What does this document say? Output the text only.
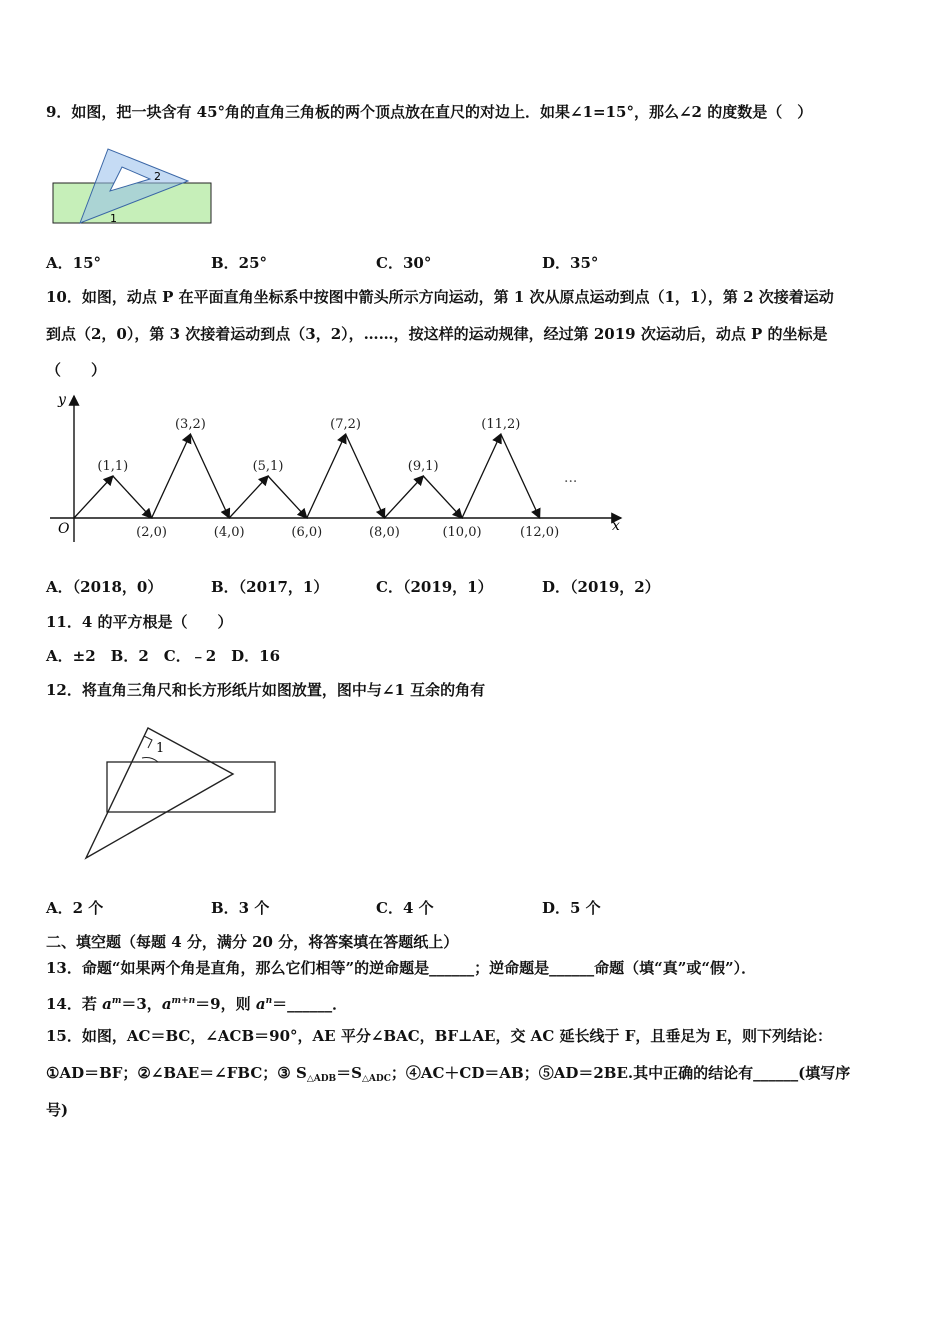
9．如图，把一块含有 45°角的直角三角板的两个顶点放在直尺的对边上．如果∠1=15°，那么∠2 的度数是（　）
1
2
A．15°	B．25°	C．30°	D．35°
10．如图，动点 P 在平面直角坐标系中按图中箭头所示方向运动，第 1 次从原点运动到点（1，1），第 2 次接着运动
到点（2，0），第 3 次接着运动到点（3，2），……，按这样的运动规律，经过第 2019 次运动后，动点 P 的坐标是
（　　）
y
x
O
···
(1,1)
(2,0)
(3,2)
(4,0)
(5,1)
(6,0)
(7,2)
(8,0)
(9,1)
(10,0)
(11,2)
(12,0)
A．（2018，0）	B．（2017，1）	C．（2019，1）	D．（2019，2）
11．4 的平方根是（　　）
A．±2　B．2　C．﹣2　D．16
12．将直角三角尺和长方形纸片如图放置，图中与∠1 互余的角有
1
A．2 个	B．3 个	C．4 个	D．5 个
二、填空题（每题 4 分，满分 20 分，将答案填在答题纸上）
13．命题“如果两个角是直角，那么它们相等”的逆命题是______；逆命题是______命题（填“真”或“假”）．
14．若 $a^m=3$，$a^{m+n}=9$，则 $a^n=\_\_\_\_\_\_$．
15．如图，AC＝BC，∠ACB＝90°，AE 平分∠BAC，BF⊥AE，交 AC 延长线于 F，且垂足为 E，则下列结论：
①AD＝BF；②∠BAE＝∠FBC；③ $S_{\triangle ADB}=S_{\triangle ADC}$；④AC＋CD＝AB；⑤AD＝2BE.其中正确的结论有______(填写序
号)
